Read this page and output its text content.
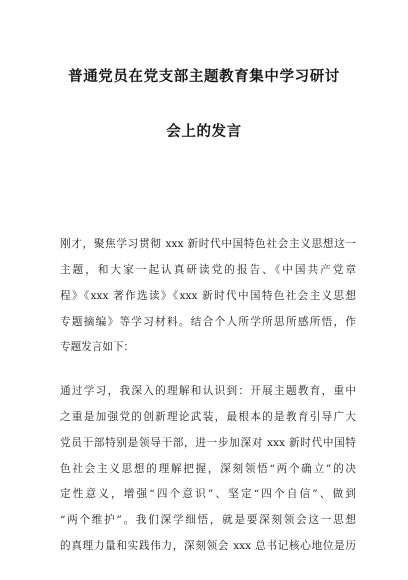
普通党员在党支部主题教育集中学习研讨
会上的发言
刚才，聚焦学习贯彻 xxx 新时代中国特色社会主义思想这一
主题，和大家一起认真研读党的报告、《中国共产党章
程》《xxx 著作选读》《xxx 新时代中国特色社会主义思想
专题摘编》等学习材料。结合个人所学所思所感所悟，作
专题发言如下：
通过学习，我深入的理解和认识到：开展主题教育，重中
之重是加强党的创新理论武装，最根本的是教育引导广大
党员干部特别是领导干部，进一步加深对 xxx 新时代中国特
色社会主义思想的理解把握，深刻领悟“两个确立”的决
定性意义，增强“四个意识”、坚定“四个自信”、做到
“两个维护”。我们深学细悟，就是要深刻领会这一思想
的真理力量和实践伟力，深刻领会 xxx 总书记核心地位是历
